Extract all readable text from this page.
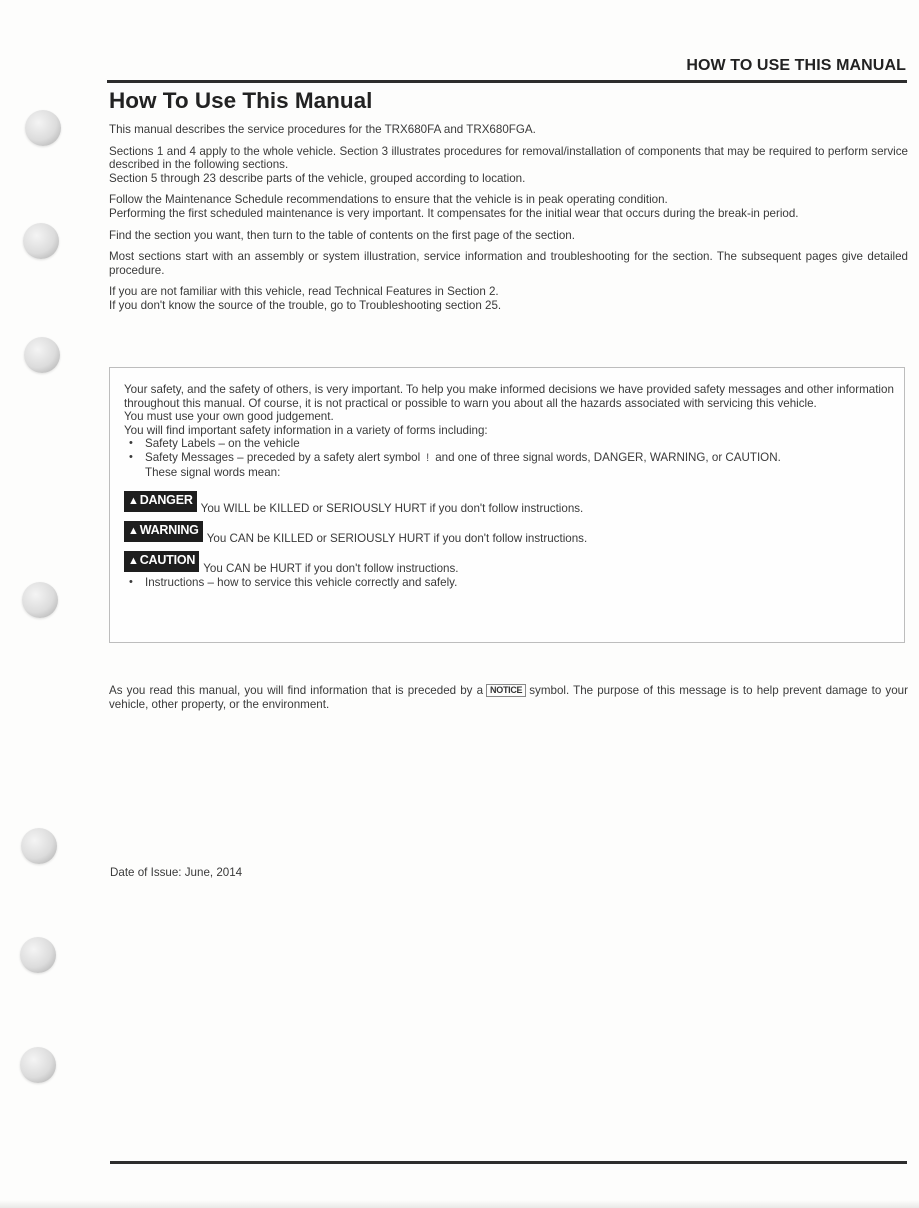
HOW TO USE THIS MANUAL
How To Use This Manual

This manual describes the service procedures for the TRX680FA and TRX680FGA.

Sections 1 and 4 apply to the whole vehicle. Section 3 illustrates procedures for removal/installation of components that may be required to perform service described in the following sections.

Section 5 through 23 describe parts of the vehicle, grouped according to location.

Follow the Maintenance Schedule recommendations to ensure that the vehicle is in peak operating condition.

Performing the first scheduled maintenance is very important. It compensates for the initial wear that occurs during the break-in period.

Find the section you want, then turn to the table of contents on the first page of the section.

Most sections start with an assembly or system illustration, service information and troubleshooting for the section. The subsequent pages give detailed procedure.

If you are not familiar with this vehicle, read Technical Features in Section 2.

If you don't know the source of the trouble, go to Troubleshooting section 25.

Your safety, and the safety of others, is very important. To help you make informed decisions we have provided safety messages and other information throughout this manual. Of course, it is not practical or possible to warn you about all the hazards associated with servicing this vehicle.

You must use your own good judgement.

You will find important safety information in a variety of forms including:

• Safety Labels – on the vehicle

• Safety Messages – preceded by a safety alert symbol ! and one of three signal words, DANGER, WARNING, or CAUTION.
These signal words mean:

▲DANGER
You WILL be KILLED or SERIOUSLY HURT if you don't follow instructions.
▲WARNING
You CAN be KILLED or SERIOUSLY HURT if you don't follow instructions.
▲CAUTION
You CAN be HURT if you don't follow instructions.

• Instructions – how to service this vehicle correctly and safely.

As you read this manual, you will find information that is preceded by a NOTICE symbol. The purpose of this message is to help prevent damage to your vehicle, other property, or the environment.

Date of Issue: June, 2014
